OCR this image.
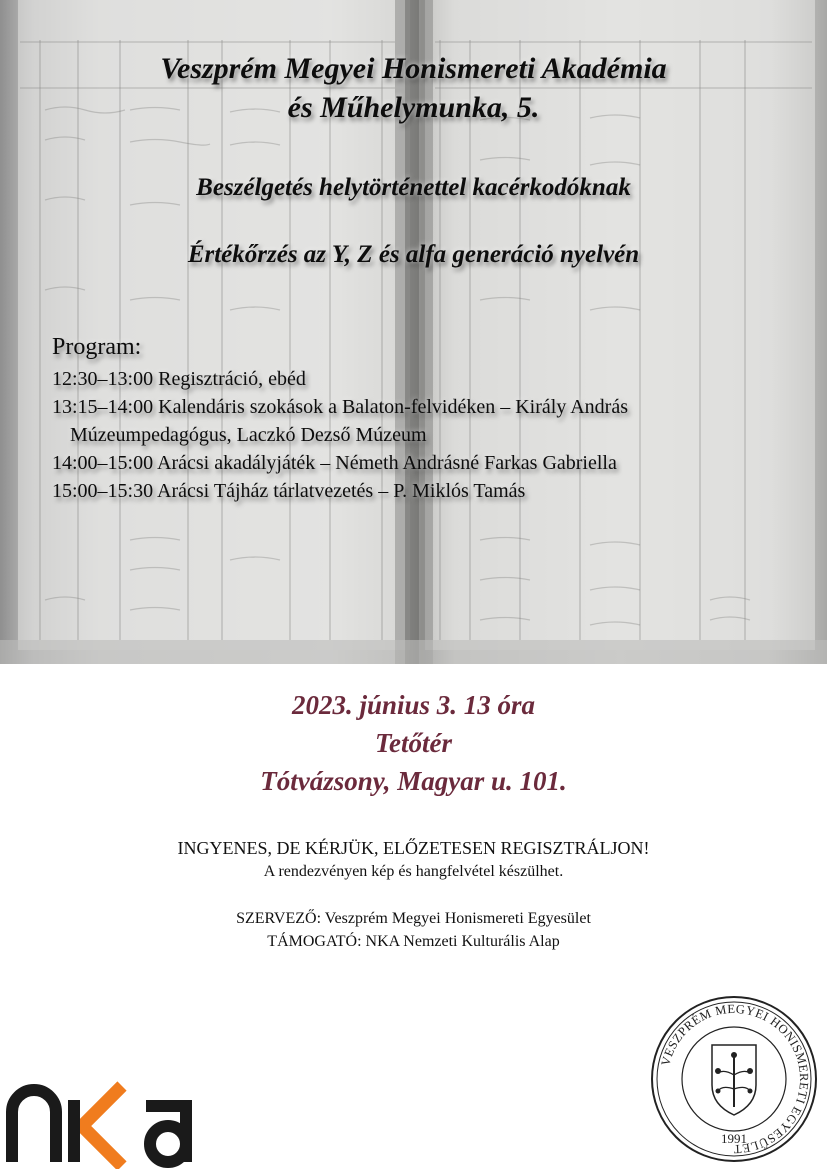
Veszprém Megyei Honismereti Akadémia
és Műhelymunka, 5.
Beszélgetés helytörténettel kacérkodóknak
Értékőrzés az Y, Z és alfa generáció nyelvén
Program:
12:30–13:00 Regisztráció, ebéd
13:15–14:00 Kalendáris szokások a Balaton-felvidéken – Király András
Múzeumpedagógus, Laczkó Dezső Múzeum
14:00–15:00 Arácsi akadályjáték – Németh Andrásné Farkas Gabriella
15:00–15:30 Arácsi Tájház tárlatvezetés – P. Miklós Tamás
2023. június 3. 13 óra
Tetőtér
Tótvázsony, Magyar u. 101.
INGYENES, DE KÉRJÜK, ELŐZETESEN REGISZTRÁLJON!
A rendezvényen kép és hangfelvétel készülhet.
SZERVEZŐ: Veszprém Megyei Honismereti Egyesület
TÁMOGATÓ: NKA Nemzeti Kulturális Alap
VESZPRÉM MEGYEI HONISMERETI EGYESÜLET
1991
